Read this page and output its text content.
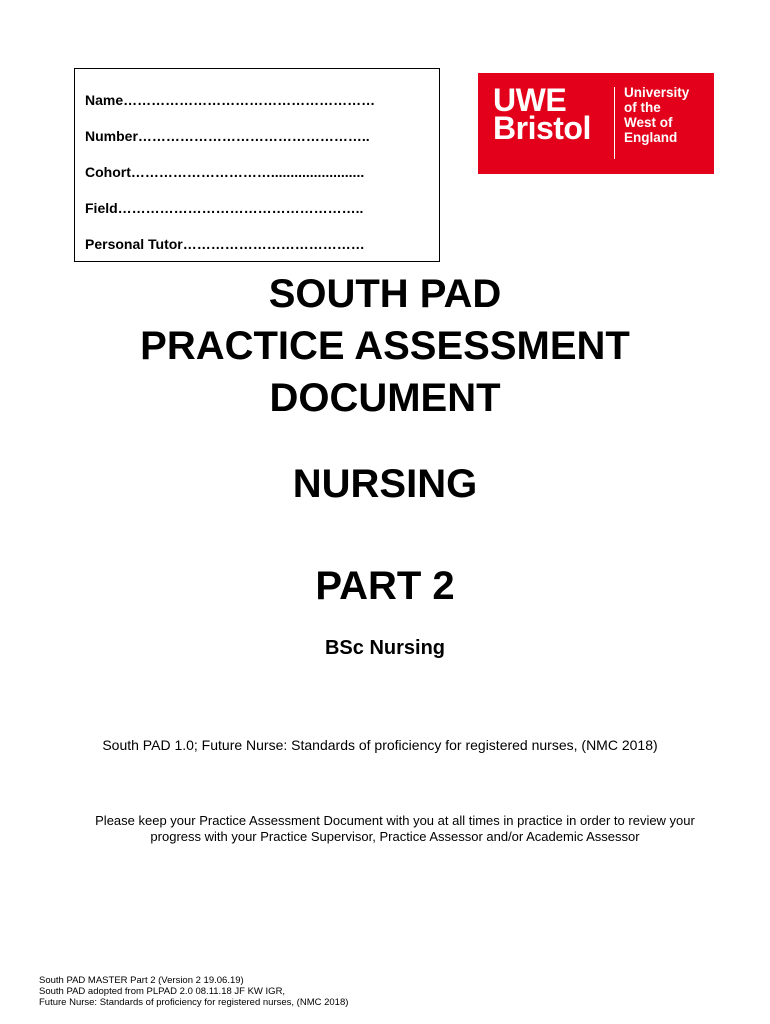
Name………………………………………………
Number…………………………………………..
Cohort…………………………........................
Field……………………………………………..
Personal Tutor…………………………………
UWE
Bristol
University
of the
West of
England
SOUTH PAD
PRACTICE ASSESSMENT
DOCUMENT
NURSING
PART 2
BSc Nursing
South PAD 1.0; Future Nurse: Standards of proficiency for registered nurses, (NMC 2018)
Please keep your Practice Assessment Document with you at all times in practice in order to review your
progress with your Practice Supervisor, Practice Assessor and/or Academic Assessor
South PAD MASTER Part 2 (Version 2 19.06.19)
South PAD adopted from PLPAD 2.0 08.11.18 JF KW IGR,
Future Nurse: Standards of proficiency for registered nurses, (NMC 2018)
